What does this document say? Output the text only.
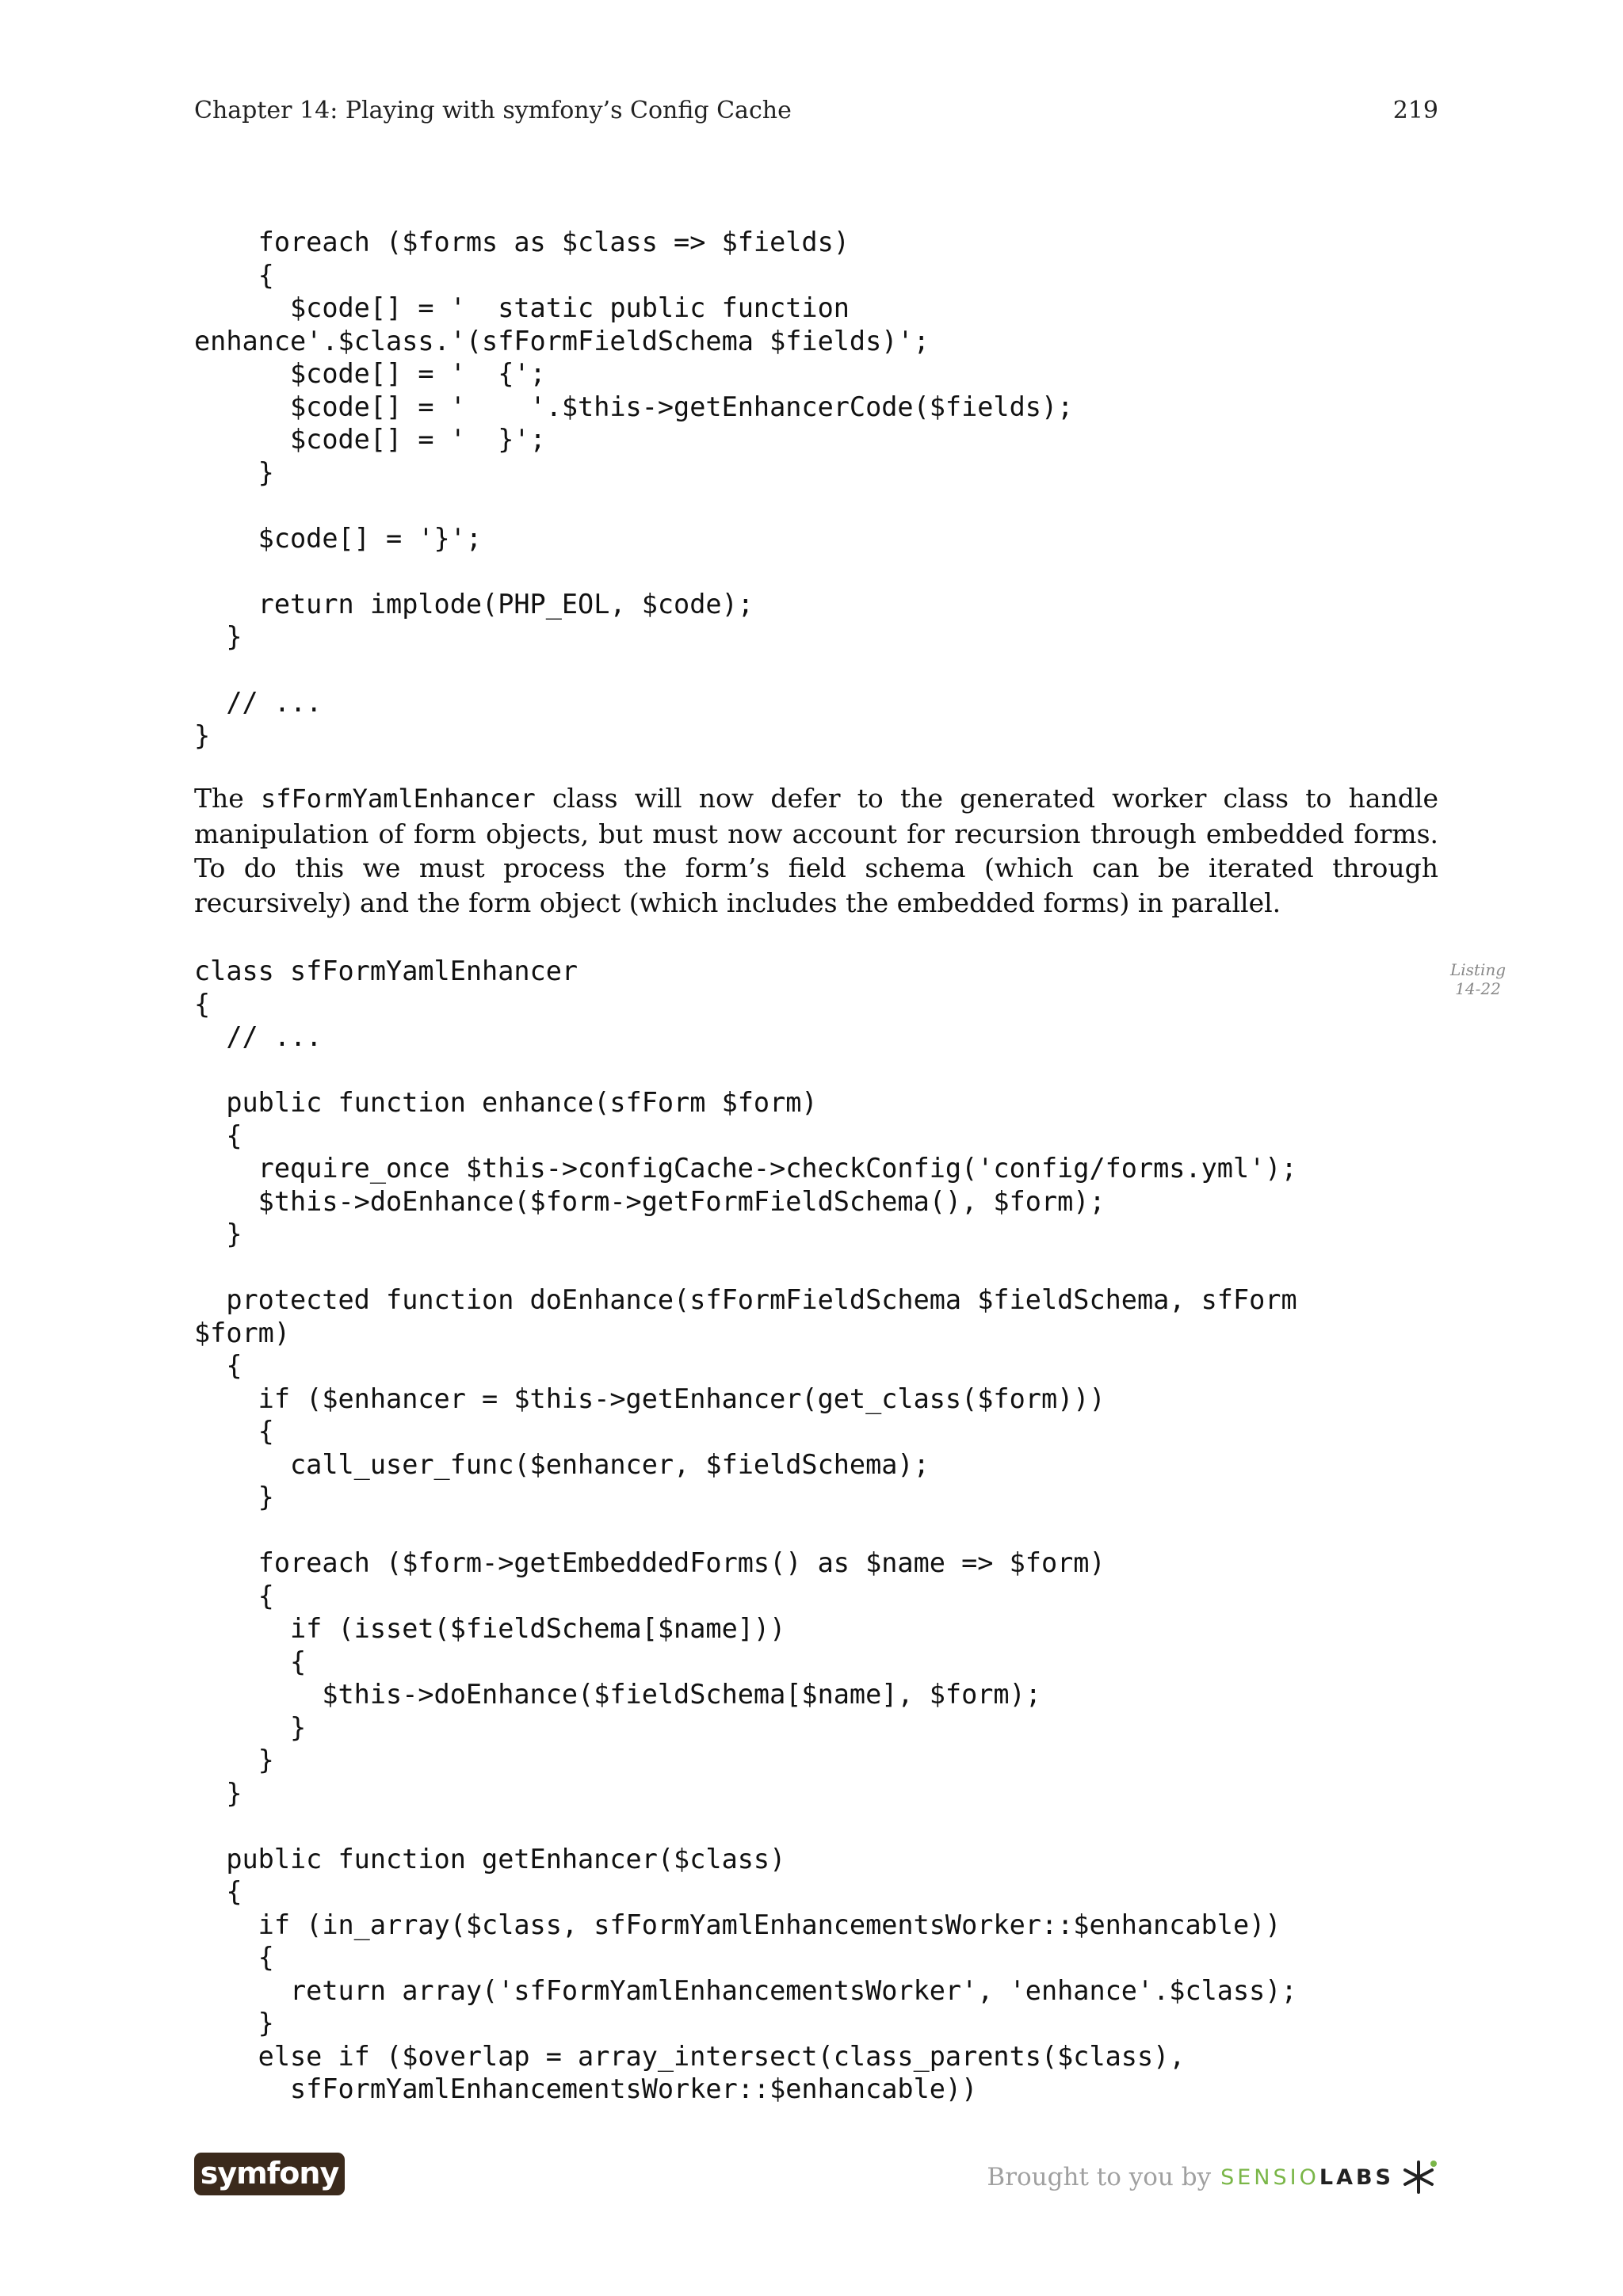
Chapter 14: Playing with symfony’s Config Cache	219
foreach ($forms as $class => $fields)
{
$code[] = '  static public function
enhance'.$class.'(sfFormFieldSchema $fields)';
$code[] = '  {';
$code[] = '    '.$this->getEnhancerCode($fields);
$code[] = '  }';
}

$code[] = '}';

return implode(PHP_EOL, $code);
}

// ...
}

The sfFormYamlEnhancer class will now defer to the generated worker class to handle manipulation of form objects, but must now account for recursion through embedded forms. To do this we must process the form’s field schema (which can be iterated through recursively) and the form object (which includes the embedded forms) in parallel.

Listing
14-22
class sfFormYamlEnhancer
{
// ...

public function enhance(sfForm $form)
{
require_once $this->configCache->checkConfig('config/forms.yml');
$this->doEnhance($form->getFormFieldSchema(), $form);
}

protected function doEnhance(sfFormFieldSchema $fieldSchema, sfForm
$form)
{
if ($enhancer = $this->getEnhancer(get_class($form)))
{
call_user_func($enhancer, $fieldSchema);
}

foreach ($form->getEmbeddedForms() as $name => $form)
{
if (isset($fieldSchema[$name]))
{
$this->doEnhance($fieldSchema[$name], $form);
}
}
}

public function getEnhancer($class)
{
if (in_array($class, sfFormYamlEnhancementsWorker::$enhancable))
{
return array('sfFormYamlEnhancementsWorker', 'enhance'.$class);
}
else if ($overlap = array_intersect(class_parents($class),
sfFormYamlEnhancementsWorker::$enhancable))
symfony	Brought to you by SENSIO LABS
